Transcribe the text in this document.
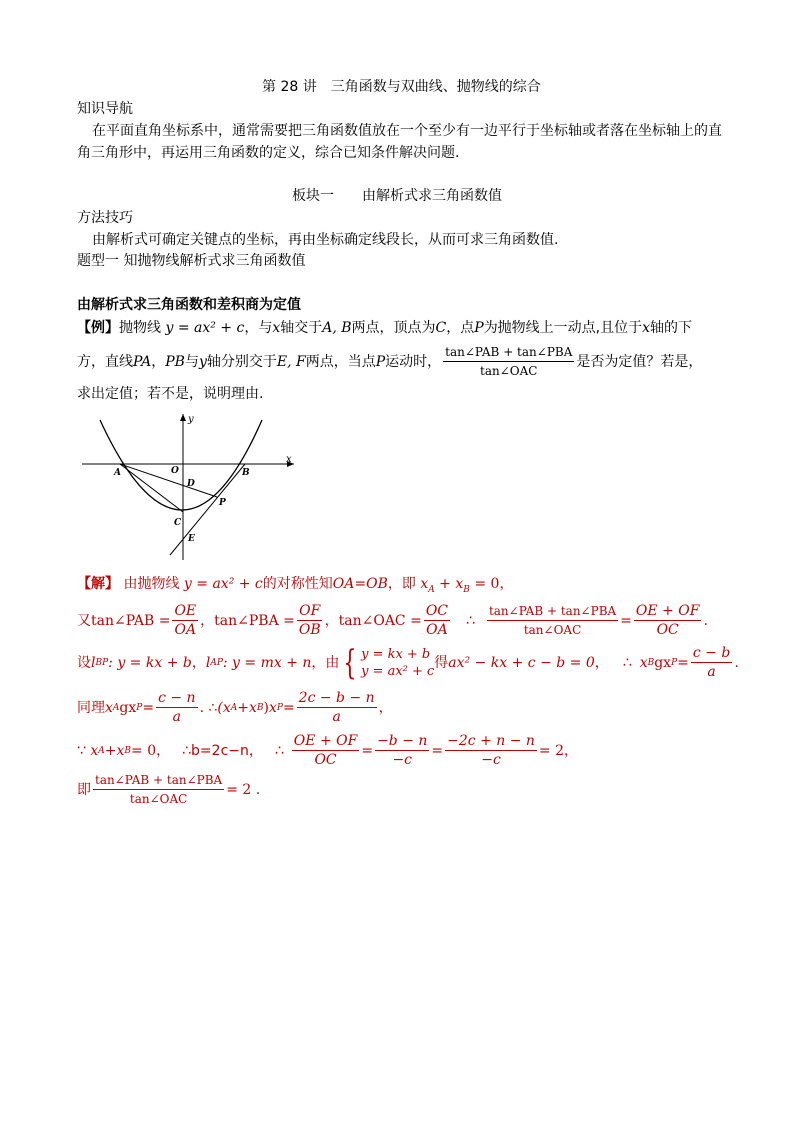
第 28 讲　三角函数与双曲线、抛物线的综合
知识导航
在平面直角坐标系中，通常需要把三角函数值放在一个至少有一边平行于坐标轴或者落在坐标轴上的直
角三角形中，再运用三角函数的定义，综合已知条件解决问题.
板块一　　由解析式求三角函数值
方法技巧
由解析式可确定关键点的坐标，再由坐标确定线段长，从而可求三角函数值.
题型一 知抛物线解析式求三角函数值
由解析式求三角函数和差积商为定值
【例】抛物线 y = ax² + c，与x轴交于A, B两点，顶点为C，点P为抛物线上一动点,且位于x轴的下
方，直线 PA ， PB 与 y 轴分别交于 E, F 两点，当点 P 运动时， $\frac{\text{tan∠PAB + tan∠PBA}}{\text{tan∠OAC}}$ 是否为定值？若是，
求出定值；若不是，说明理由.
y
x
O
A	B
D
P
C
E
【解】 由抛物线 y = ax² + c的对称性知OA=OB，即 $x_A + x_B = 0$，
又 tan∠PAB = $\frac{OE}{OA}$ ， tan∠PBA = $\frac{OF}{OB}$ ， tan∠OAC = $\frac{OC}{OA}$ ∴ $\frac{\text{tan∠PAB + tan∠PBA}}{\text{tan∠OAC}} = \frac{OE + OF}{OC}$ .
设 l BP : y = kx + b ， l AP : y = mx + n ，由 { y = kx + b
y = ax² + c
得 ax² − kx + c − b = 0 ， ∴ x B gx $P = \frac{c - b}{a}$ .
同理 x A gx $P = \frac{c - n}{a}$ . ∴ (x A + x B ) x $P = \frac{2c - b - n}{a}$ ，
∵
x A + x B = 0 ， ∴b=2c−n ， ∴ $\frac{OE + OF}{OC} = \frac{-b - n}{-c} = \frac{-2c + n - n}{-c} = 2$ ，
即 $\frac{\text{tan∠PAB + tan∠PBA}}{\text{tan∠OAC}} = 2$ .
